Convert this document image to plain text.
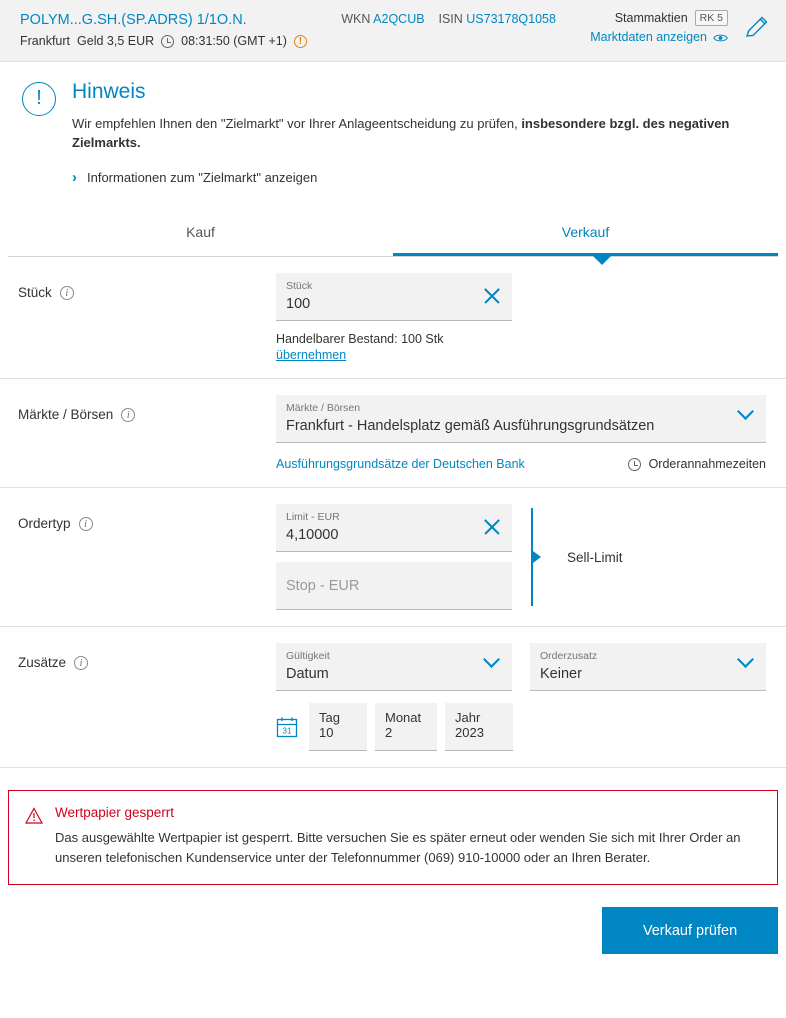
POLYM...G.SH.(SP.ADRS) 1/1O.N.
Frankfurt Geld 3,5 EUR 08:31:50 (GMT +1)	!
WKN A2QCUB ISIN US73178Q1058	Stammaktien	RK 5
Marktdaten anzeigen
!	Hinweis
Wir empfehlen Ihnen den "Zielmarkt" vor Ihrer Anlageentscheidung zu prüfen, insbesondere bzgl. des negativen Zielmarkts.
› Informationen zum "Zielmarkt" anzeigen
Kauf	Verkauf
Stück	i
Stück
100
Handelbarer Bestand: 100 Stk
übernehmen
Märkte / Börsen	i
Märkte / Börsen
Frankfurt - Handelsplatz gemäß Ausführungsgrundsätzen
Ausführungsgrundsätze der Deutschen Bank	Orderannahmezeiten
Ordertyp	i
Limit - EUR
4,10000
Stop - EUR
Sell-Limit
Zusätze	i
Gültigkeit
Datum
Orderzusatz
Keiner
31
Tag
10
Monat
2
Jahr
2023
Wertpapier gesperrt
Das ausgewählte Wertpapier ist gesperrt. Bitte versuchen Sie es später erneut oder wenden Sie sich mit Ihrer Order an unseren telefonischen Kundenservice unter der Telefonnummer (069) 910-10000 oder an Ihren Berater.
Verkauf prüfen
